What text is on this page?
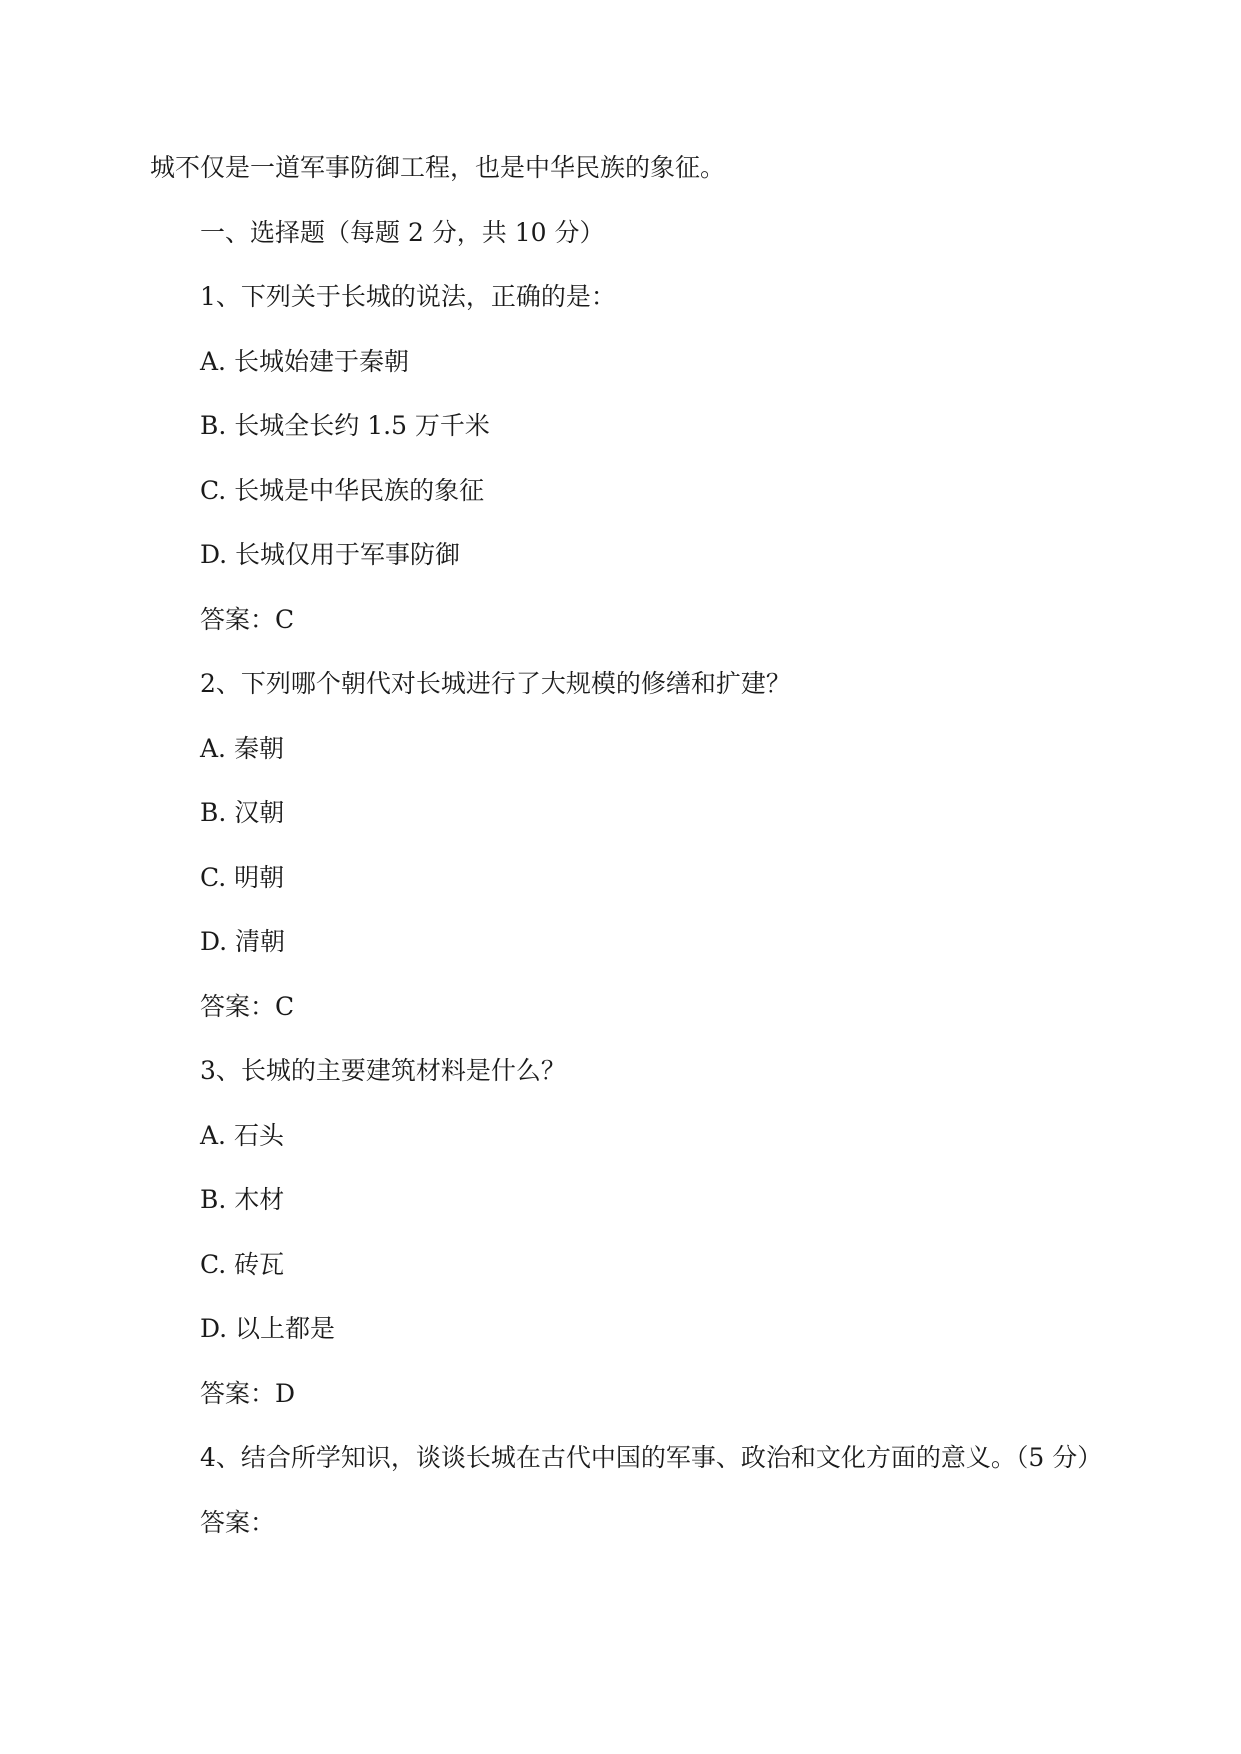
城不仅是一道军事防御工程，也是中华民族的象征。

一、选择题（每题 2 分，共 10 分）

1、下列关于长城的说法，正确的是：

A. 长城始建于秦朝

B. 长城全长约 1.5 万千米

C. 长城是中华民族的象征

D. 长城仅用于军事防御

答案：C

2、下列哪个朝代对长城进行了大规模的修缮和扩建？

A. 秦朝

B. 汉朝

C. 明朝

D. 清朝

答案：C

3、长城的主要建筑材料是什么？

A. 石头

B. 木材

C. 砖瓦

D. 以上都是

答案：D

4、结合所学知识，谈谈长城在古代中国的军事、政治和文化方面的意义。（5 分）

答案：
